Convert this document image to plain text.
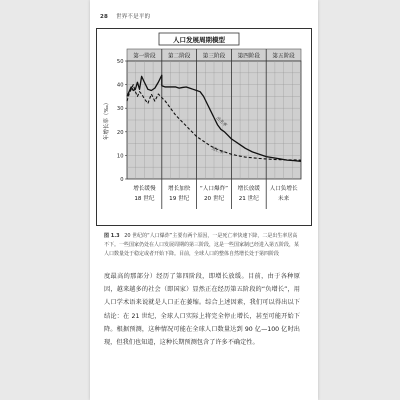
28 世界不是平的
人口发展周期模型
第一阶段 第二阶段 第三阶段 第四阶段 第五阶段
出生率
死亡率
0
10
20
30
40
50
增长缓慢
18 世纪
增长加快
19 世纪
“人口爆炸”
20 世纪
增长放缓
21 世纪
人口负增长
未来
年增长率（‰）
图 1.3 20 世纪的“人口爆炸”主要有两个原因，一是死亡率快速下降，二是出生率居高不下。一些国家仍处在人口发展周期的第三阶段，这是一些国家制已经进入第五阶段，某人口数量处于稳定或者开始下降。目前，全球人口的整体自然增长处于第四阶段
度最高的那部分）经历了第四阶段，即增长放缓。目前，由于各种原因，越来越多的社会（即国家）显然正在经历第五阶段的“负增长”，用人口学术语来说就是人口正在萎缩。综合上述因素，我们可以得出以下结论：在 21 世纪，全球人口实际上将完全停止增长，甚至可能开始下降。根据预测，这种情况可能在全球人口数量达到 90 亿—100 亿时出现，但我们也知道，这种长期预测包含了许多不确定性。
